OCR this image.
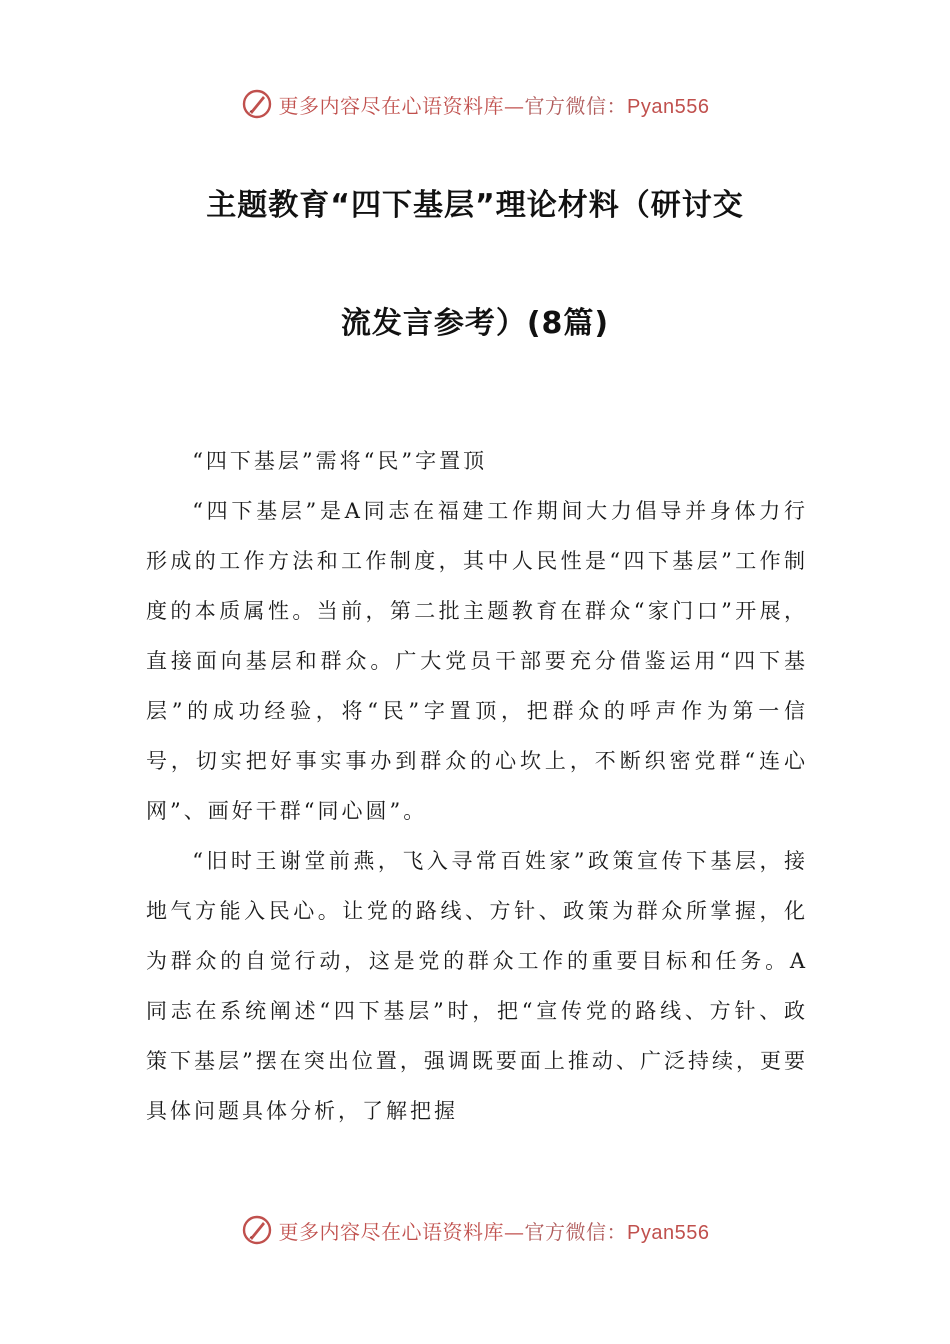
更多内容尽在心语资料库—官方微信：Pyan556
主题教育“四下基层”理论材料（研讨交
流发言参考）(8篇)

“四下基层”需将“民”字置顶

“四下基层”是A同志在福建工作期间大力倡导并身体力行形成的工作方法和工作制度，其中人民性是“四下基层”工作制度的本质属性。当前，第二批主题教育在群众“家门口”开展，直接面向基层和群众。广大党员干部要充分借鉴运用“四下基层”的成功经验，将“民”字置顶，把群众的呼声作为第一信号，切实把好事实事办到群众的心坎上，不断织密党群“连心网”、画好干群“同心圆”。

“旧时王谢堂前燕，飞入寻常百姓家”政策宣传下基层，接地气方能入民心。让党的路线、方针、政策为群众所掌握，化为群众的自觉行动，这是党的群众工作的重要目标和任务。A同志在系统阐述“四下基层”时，把“宣传党的路线、方针、政策下基层”摆在突出位置，强调既要面上推动、广泛持续，更要具体问题具体分析，了解把握

更多内容尽在心语资料库—官方微信：Pyan556
